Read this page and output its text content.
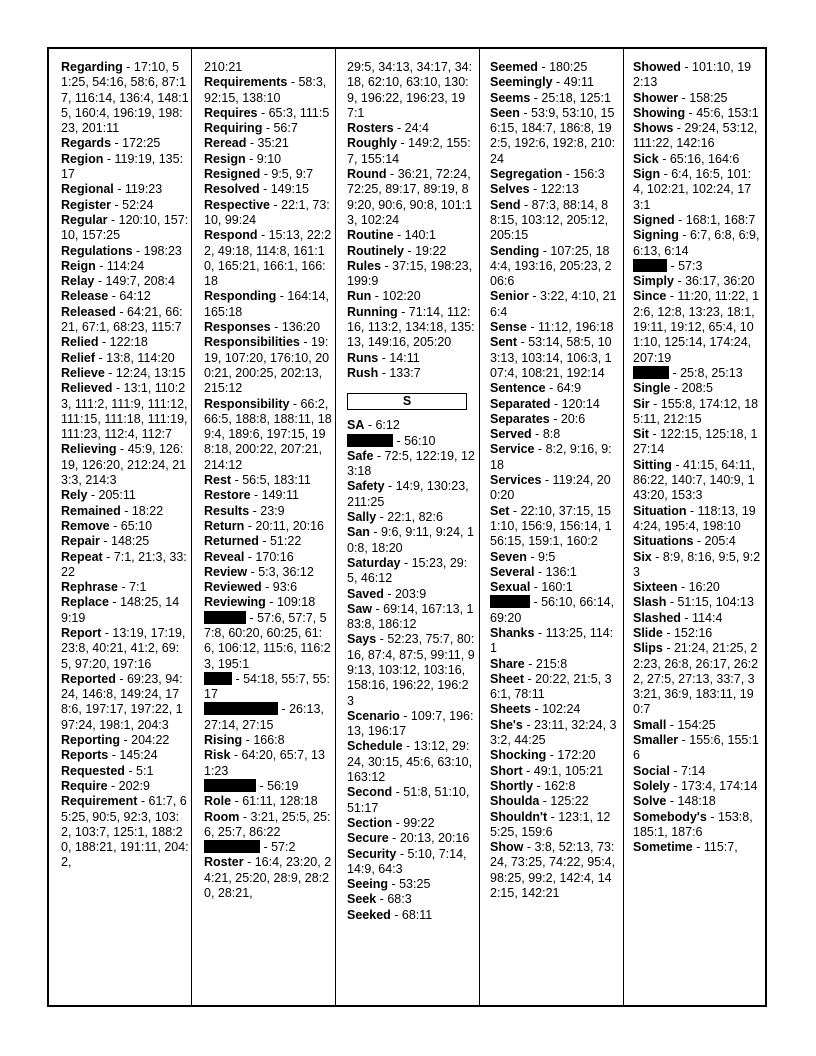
Regarding - 17:10, 51:25, 54:16, 58:6, 87:17, 116:14, 136:4, 148:15, 160:4, 196:19, 198:23, 201:11
Regards - 172:25
Region - 119:19, 135:17
Regional - 119:23
Register - 52:24
Regular - 120:10, 157:10, 157:25
Regulations - 198:23
Reign - 114:24
Relay - 149:7, 208:4
Release - 64:12
Released - 64:21, 66:21, 67:1, 68:23, 115:7
Relied - 122:18
Relief - 13:8, 114:20
Relieve - 12:24, 13:15
Relieved - 13:1, 110:23, 111:2, 111:9, 111:12, 111:15, 111:18, 111:19, 111:23, 112:4, 112:7
Relieving - 45:9, 126:19, 126:20, 212:24, 213:3, 214:3
Rely - 205:11
Remained - 18:22
Remove - 65:10
Repair - 148:25
Repeat - 7:1, 21:3, 33:22
Rephrase - 7:1
Replace - 148:25, 149:19
Report - 13:19, 17:19, 23:8, 40:21, 41:2, 69:5, 97:20, 197:16
Reported - 69:23, 94:24, 146:8, 149:24, 178:6, 197:17, 197:22, 197:24, 198:1, 204:3
Reporting - 204:22
Reports - 145:24
Requested - 5:1
Require - 202:9
Requirement - 61:7, 65:25, 90:5, 92:3, 103:2, 103:7, 125:1, 188:20, 188:21, 191:11, 204:2,
210:21
Requirements - 58:3, 92:15, 138:10
Requires - 65:3, 111:5
Requiring - 56:7
Reread - 35:21
Resign - 9:10
Resigned - 9:5, 9:7
Resolved - 149:15
Respective - 22:1, 73:10, 99:24
Respond - 15:13, 22:22, 49:18, 114:8, 161:10, 165:21, 166:1, 166:18
Responding - 164:14, 165:18
Responses - 136:20
Responsibilities - 19:19, 107:20, 176:10, 200:21, 200:25, 202:13, 215:12
Responsibility - 66:2, 66:5, 188:8, 188:11, 189:4, 189:6, 197:15, 198:18, 200:22, 207:21, 214:12
Rest - 56:5, 183:11
Restore - 149:11
Results - 23:9
Return - 20:11, 20:16
Returned - 51:22
Reveal - 170:16
Review - 5:3, 36:12
Reviewed - 93:6
Reviewing - 109:18
- 57:6, 57:7, 57:8, 60:20, 60:25, 61:6, 106:12, 115:6, 116:23, 195:1
- 54:18, 55:7, 55:17
- 26:13, 27:14, 27:15
Rising - 166:8
Risk - 64:20, 65:7, 131:23
- 56:19
Role - 61:11, 128:18
Room - 3:21, 25:5, 25:6, 25:7, 86:22
- 57:2
Roster - 16:4, 23:20, 24:21, 25:20, 28:9, 28:20, 28:21,
29:5, 34:13, 34:17, 34:18, 62:10, 63:10, 130:9, 196:22, 196:23, 197:1
Rosters - 24:4
Roughly - 149:2, 155:7, 155:14
Round - 36:21, 72:24, 72:25, 89:17, 89:19, 89:20, 90:6, 90:8, 101:13, 102:24
Routine - 140:1
Routinely - 19:22
Rules - 37:15, 198:23, 199:9
Run - 102:20
Running - 71:14, 112:16, 113:2, 134:18, 135:13, 149:16, 205:20
Runs - 14:11
Rush - 133:7
S
SA - 6:12
- 56:10
Safe - 72:5, 122:19, 123:18
Safety - 14:9, 130:23, 211:25
Sally - 22:1, 82:6
San - 9:6, 9:11, 9:24, 10:8, 18:20
Saturday - 15:23, 29:5, 46:12
Saved - 203:9
Saw - 69:14, 167:13, 183:8, 186:12
Says - 52:23, 75:7, 80:16, 87:4, 87:5, 99:11, 99:13, 103:12, 103:16, 158:16, 196:22, 196:23
Scenario - 109:7, 196:13, 196:17
Schedule - 13:12, 29:24, 30:15, 45:6, 63:10, 163:12
Second - 51:8, 51:10, 51:17
Section - 99:22
Secure - 20:13, 20:16
Security - 5:10, 7:14, 14:9, 64:3
Seeing - 53:25
Seek - 68:3
Seeked - 68:11
Seemed - 180:25
Seemingly - 49:11
Seems - 25:18, 125:1
Seen - 53:9, 53:10, 156:15, 184:7, 186:8, 192:5, 192:6, 192:8, 210:24
Segregation - 156:3
Selves - 122:13
Send - 87:3, 88:14, 88:15, 103:12, 205:12, 205:15
Sending - 107:25, 184:4, 193:16, 205:23, 206:6
Senior - 3:22, 4:10, 216:4
Sense - 11:12, 196:18
Sent - 53:14, 58:5, 103:13, 103:14, 106:3, 107:4, 108:21, 192:14
Sentence - 64:9
Separated - 120:14
Separates - 20:6
Served - 8:8
Service - 8:2, 9:16, 9:18
Services - 119:24, 200:20
Set - 22:10, 37:15, 151:10, 156:9, 156:14, 156:15, 159:1, 160:2
Seven - 9:5
Several - 136:1
Sexual - 160:1
- 56:10, 66:14, 69:20
Shanks - 113:25, 114:1
Share - 215:8
Sheet - 20:22, 21:5, 36:1, 78:11
Sheets - 102:24
She's - 23:11, 32:24, 33:2, 44:25
Shocking - 172:20
Short - 49:1, 105:21
Shortly - 162:8
Shoulda - 125:22
Shouldn't - 123:1, 125:25, 159:6
Show - 3:8, 52:13, 73:24, 73:25, 74:22, 95:4, 98:25, 99:2, 142:4, 142:15, 142:21
Showed - 101:10, 192:13
Shower - 158:25
Showing - 45:6, 153:1
Shows - 29:24, 53:12, 111:22, 142:16
Sick - 65:16, 164:6
Sign - 6:4, 16:5, 101:4, 102:21, 102:24, 173:1
Signed - 168:1, 168:7
Signing - 6:7, 6:8, 6:9, 6:13, 6:14
- 57:3
Simply - 36:17, 36:20
Since - 11:20, 11:22, 12:6, 12:8, 13:23, 18:1, 19:11, 19:12, 65:4, 101:10, 125:14, 174:24, 207:19
- 25:8, 25:13
Single - 208:5
Sir - 155:8, 174:12, 185:11, 212:15
Sit - 122:15, 125:18, 127:14
Sitting - 41:15, 64:11, 86:22, 140:7, 140:9, 143:20, 153:3
Situation - 118:13, 194:24, 195:4, 198:10
Situations - 205:4
Six - 8:9, 8:16, 9:5, 9:23
Sixteen - 16:20
Slash - 51:15, 104:13
Slashed - 114:4
Slide - 152:16
Slips - 21:24, 21:25, 22:23, 26:8, 26:17, 26:22, 27:5, 27:13, 33:7, 33:21, 36:9, 183:11, 190:7
Small - 154:25
Smaller - 155:6, 155:16
Social - 7:14
Solely - 173:4, 174:14
Solve - 148:18
Somebody's - 153:8, 185:1, 187:6
Sometime - 115:7,
